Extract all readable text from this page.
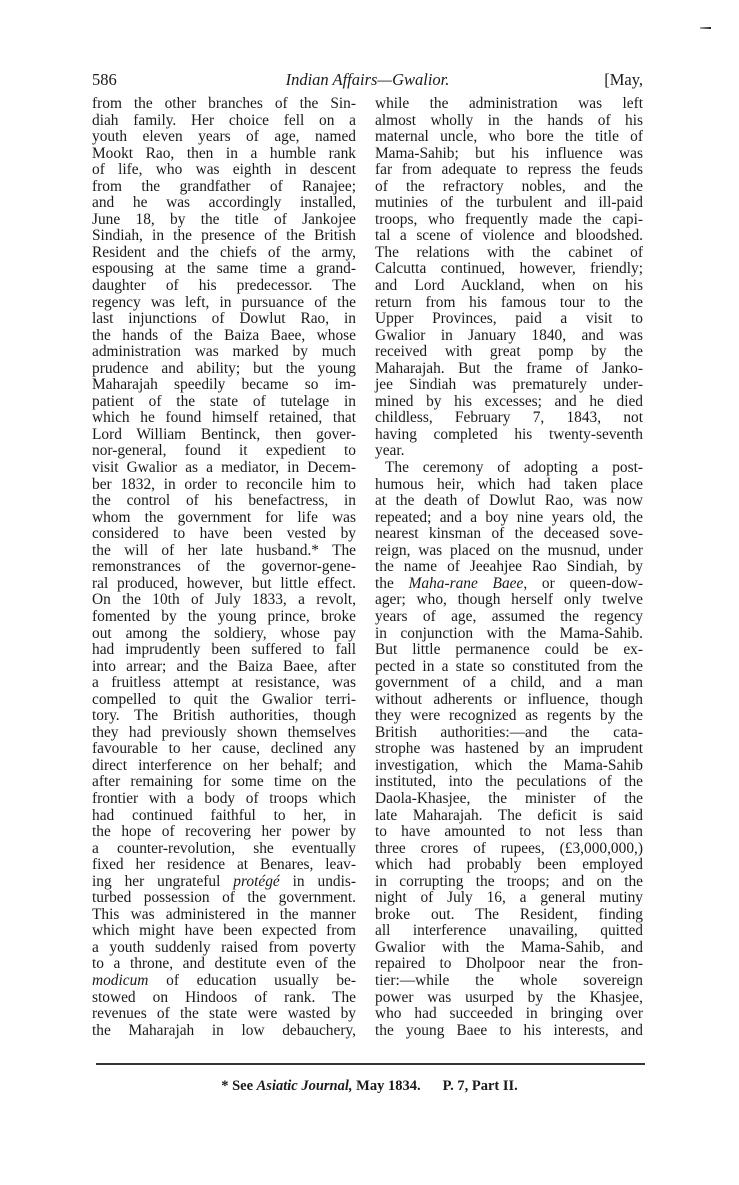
586	Indian Affairs—Gwalior.	[May,
from the other branches of the Sin-
diah family. Her choice fell on a
youth eleven years of age, named
Mookt Rao, then in a humble rank
of life, who was eighth in descent
from the grandfather of Ranajee;
and he was accordingly installed,
June 18, by the title of Jankojee
Sindiah, in the presence of the British
Resident and the chiefs of the army,
espousing at the same time a grand-
daughter of his predecessor. The
regency was left, in pursuance of the
last injunctions of Dowlut Rao, in
the hands of the Baiza Baee, whose
administration was marked by much
prudence and ability; but the young
Maharajah speedily became so im-
patient of the state of tutelage in
which he found himself retained, that
Lord William Bentinck, then gover-
nor-general, found it expedient to
visit Gwalior as a mediator, in Decem-
ber 1832, in order to reconcile him to
the control of his benefactress, in
whom the government for life was
considered to have been vested by
the will of her late husband.* The
remonstrances of the governor-gene-
ral produced, however, but little effect.
On the 10th of July 1833, a revolt,
fomented by the young prince, broke
out among the soldiery, whose pay
had imprudently been suffered to fall
into arrear; and the Baiza Baee, after
a fruitless attempt at resistance, was
compelled to quit the Gwalior terri-
tory. The British authorities, though
they had previously shown themselves
favourable to her cause, declined any
direct interference on her behalf; and
after remaining for some time on the
frontier with a body of troops which
had continued faithful to her, in
the hope of recovering her power by
a counter-revolution, she eventually
fixed her residence at Benares, leav-
ing her ungrateful protégé in undis-
turbed possession of the government.
This was administered in the manner
which might have been expected from
a youth suddenly raised from poverty
to a throne, and destitute even of the
modicum of education usually be-
stowed on Hindoos of rank. The
revenues of the state were wasted by
the Maharajah in low debauchery,
while the administration was left
almost wholly in the hands of his
maternal uncle, who bore the title of
Mama-Sahib; but his influence was
far from adequate to repress the feuds
of the refractory nobles, and the
mutinies of the turbulent and ill-paid
troops, who frequently made the capi-
tal a scene of violence and bloodshed.
The relations with the cabinet of
Calcutta continued, however, friendly;
and Lord Auckland, when on his
return from his famous tour to the
Upper Provinces, paid a visit to
Gwalior in January 1840, and was
received with great pomp by the
Maharajah. But the frame of Janko-
jee Sindiah was prematurely under-
mined by his excesses; and he died
childless, February 7, 1843, not
having completed his twenty-seventh
year.
The ceremony of adopting a post-
humous heir, which had taken place
at the death of Dowlut Rao, was now
repeated; and a boy nine years old, the
nearest kinsman of the deceased sove-
reign, was placed on the musnud, under
the name of Jeeahjee Rao Sindiah, by
the Maha-rane Baee, or queen-dow-
ager; who, though herself only twelve
years of age, assumed the regency
in conjunction with the Mama-Sahib.
But little permanence could be ex-
pected in a state so constituted from the
government of a child, and a man
without adherents or influence, though
they were recognized as regents by the
British authorities:—and the cata-
strophe was hastened by an imprudent
investigation, which the Mama-Sahib
instituted, into the peculations of the
Daola-Khasjee, the minister of the
late Maharajah. The deficit is said
to have amounted to not less than
three crores of rupees, (£3,000,000,)
which had probably been employed
in corrupting the troops; and on the
night of July 16, a general mutiny
broke out. The Resident, finding
all interference unavailing, quitted
Gwalior with the Mama-Sahib, and
repaired to Dholpoor near the fron-
tier:—while the whole sovereign
power was usurped by the Khasjee,
who had succeeded in bringing over
the young Baee to his interests, and
* See Asiatic Journal, May 1834. P. 7, Part II.
